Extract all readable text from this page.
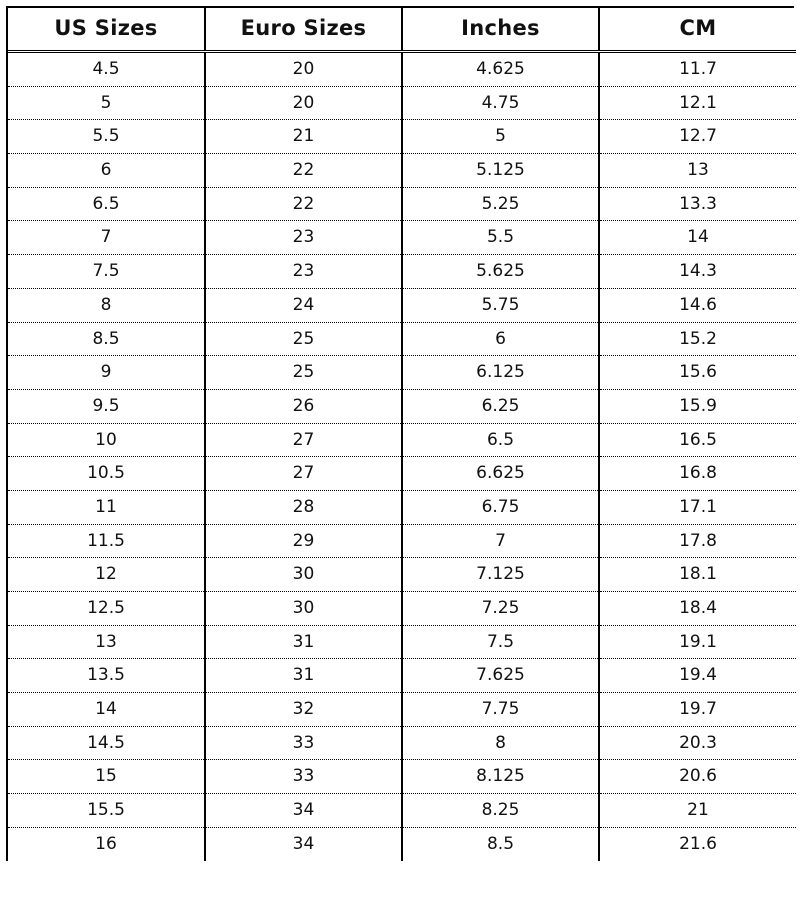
US Sizes	Euro Sizes	Inches	CM
4.5	20	4.625	11.7
5	20	4.75	12.1
5.5	21	5	12.7
6	22	5.125	13
6.5	22	5.25	13.3
7	23	5.5	14
7.5	23	5.625	14.3
8	24	5.75	14.6
8.5	25	6	15.2
9	25	6.125	15.6
9.5	26	6.25	15.9
10	27	6.5	16.5
10.5	27	6.625	16.8
11	28	6.75	17.1
11.5	29	7	17.8
12	30	7.125	18.1
12.5	30	7.25	18.4
13	31	7.5	19.1
13.5	31	7.625	19.4
14	32	7.75	19.7
14.5	33	8	20.3
15	33	8.125	20.6
15.5	34	8.25	21
16	34	8.5	21.6
